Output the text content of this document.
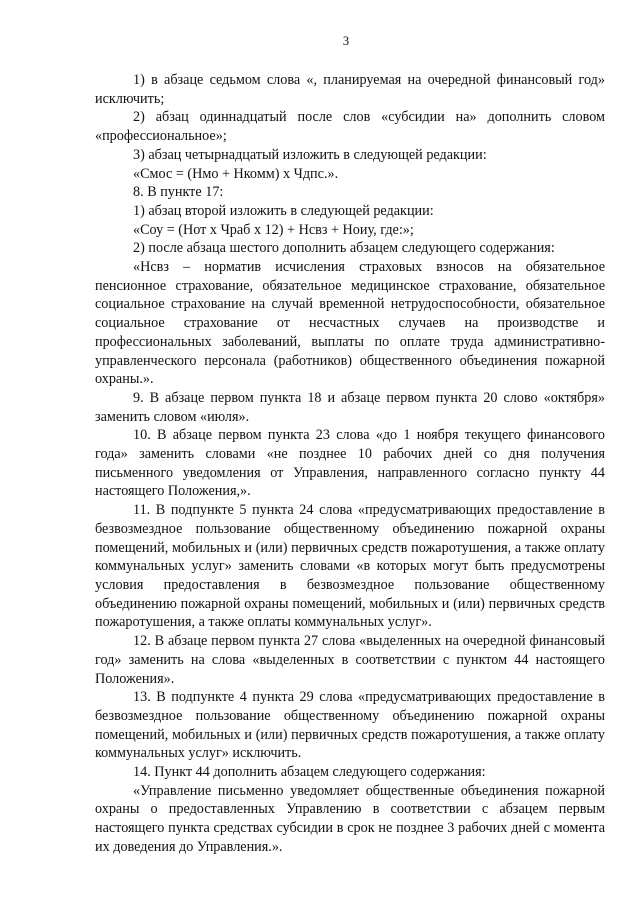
3

1) в абзаце седьмом слова «, планируемая на очередной финансовый год» исключить;

2) абзац одиннадцатый после слов «субсидии на» дополнить словом «профессиональное»;

3) абзац четырнадцатый изложить в следующей редакции:

«Смос = (Нмо + Нкомм) х Чдпс.».

8. В пункте 17:

1) абзац второй изложить в следующей редакции:

«Соу = (Нот х Чраб х 12) + Нсвз + Ноиу, где:»;

2) после абзаца шестого дополнить абзацем следующего содержания:

«Нсвз – норматив исчисления страховых взносов на обязательное пенсионное страхование, обязательное медицинское страхование, обязательное социальное страхование на случай временной нетрудоспособности, обязательное социальное страхование от несчастных случаев на производстве и профессиональных заболеваний, выплаты по оплате труда административно-управленческого персонала (работников) общественного объединения пожарной охраны.».

9. В абзаце первом пункта 18 и абзаце первом пункта 20 слово «октября» заменить словом «июля».

10. В абзаце первом пункта 23 слова «до 1 ноября текущего финансового года» заменить словами «не позднее 10 рабочих дней со дня получения письменного уведомления от Управления, направленного согласно пункту 44 настоящего Положения,».

11. В подпункте 5 пункта 24 слова «предусматривающих предоставление в безвозмездное пользование общественному объединению пожарной охраны помещений, мобильных и (или) первичных средств пожаротушения, а также оплату коммунальных услуг» заменить словами «в которых могут быть предусмотрены условия предоставления в безвозмездное пользование общественному объединению пожарной охраны помещений, мобильных и (или) первичных средств пожаротушения, а также оплаты коммунальных услуг».

12. В абзаце первом пункта 27 слова «выделенных на очередной финансовый год» заменить на слова «выделенных в соответствии с пунктом 44 настоящего Положения».

13. В подпункте 4 пункта 29 слова «предусматривающих предоставление в безвозмездное пользование общественному объединению пожарной охраны помещений, мобильных и (или) первичных средств пожаротушения, а также оплату коммунальных услуг» исключить.

14. Пункт 44 дополнить абзацем следующего содержания:

«Управление письменно уведомляет общественные объединения пожарной охраны о предоставленных Управлению в соответствии с абзацем первым настоящего пункта средствах субсидии в срок не позднее 3 рабочих дней с момента их доведения до Управления.».
